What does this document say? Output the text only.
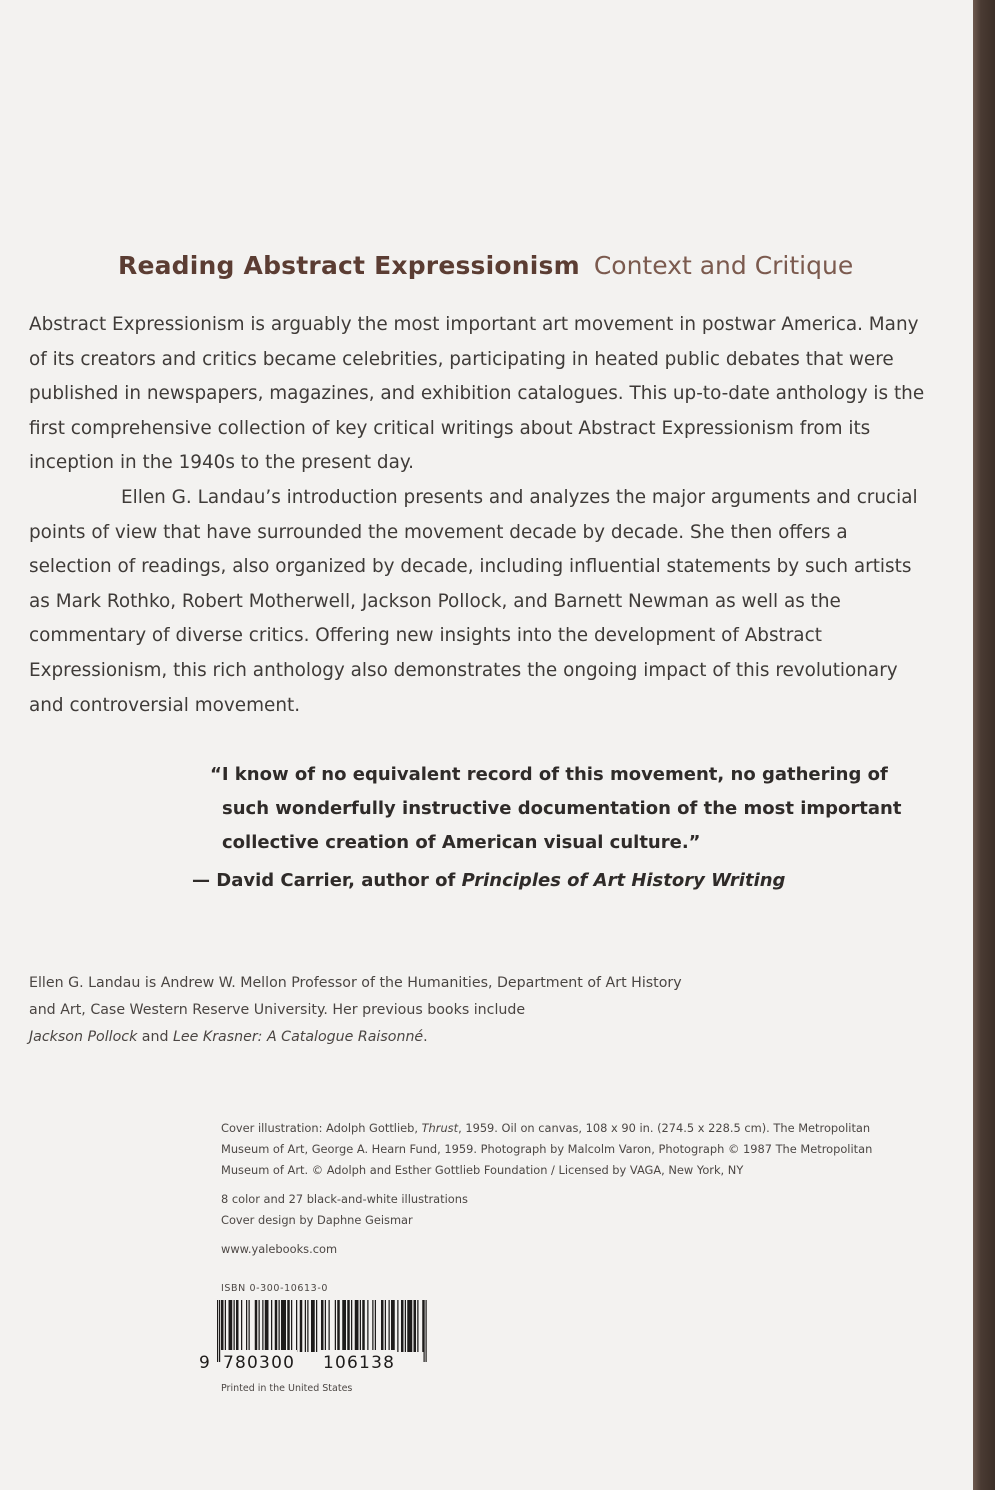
Reading Abstract Expressionism Context and Critique

Abstract Expressionism is arguably the most important art movement in postwar America. Many of its creators and critics became celebrities, participating in heated public debates that were published in newspapers, magazines, and exhibition catalogues. This up-to-date anthology is the first comprehensive collection of key critical writings about Abstract Expressionism from its inception in the 1940s to the present day.

Ellen G. Landau’s introduction presents and analyzes the major arguments and crucial points of view that have surrounded the movement decade by decade. She then offers a selection of readings, also organized by decade, including influential statements by such artists as Mark Rothko, Robert Motherwell, Jackson Pollock, and Barnett Newman as well as the commentary of diverse critics. Offering new insights into the development of Abstract Expressionism, this rich anthology also demonstrates the ongoing impact of this revolutionary and controversial movement.

“I know of no equivalent record of this movement, no gathering of such wonderfully instructive documentation of the most important collective creation of American visual culture.”

— David Carrier, author of Principles of Art History Writing

Ellen G. Landau is Andrew W. Mellon Professor of the Humanities, Department of Art History and Art, Case Western Reserve University. Her previous books include
Jackson Pollock and Lee Krasner: A Catalogue Raisonné.

Cover illustration: Adolph Gottlieb, Thrust, 1959. Oil on canvas, 108 x 90 in. (274.5 x 228.5 cm). The Metropolitan Museum of Art, George A. Hearn Fund, 1959. Photograph by Malcolm Varon, Photograph © 1987 The Metropolitan Museum of Art. © Adolph and Esther Gottlieb Foundation / Licensed by VAGA, New York, NY

8 color and 27 black-and-white illustrations

Cover design by Daphne Geismar

www.yalebooks.com

ISBN 0-300-10613-0
9 780300 106138
Printed in the United States
